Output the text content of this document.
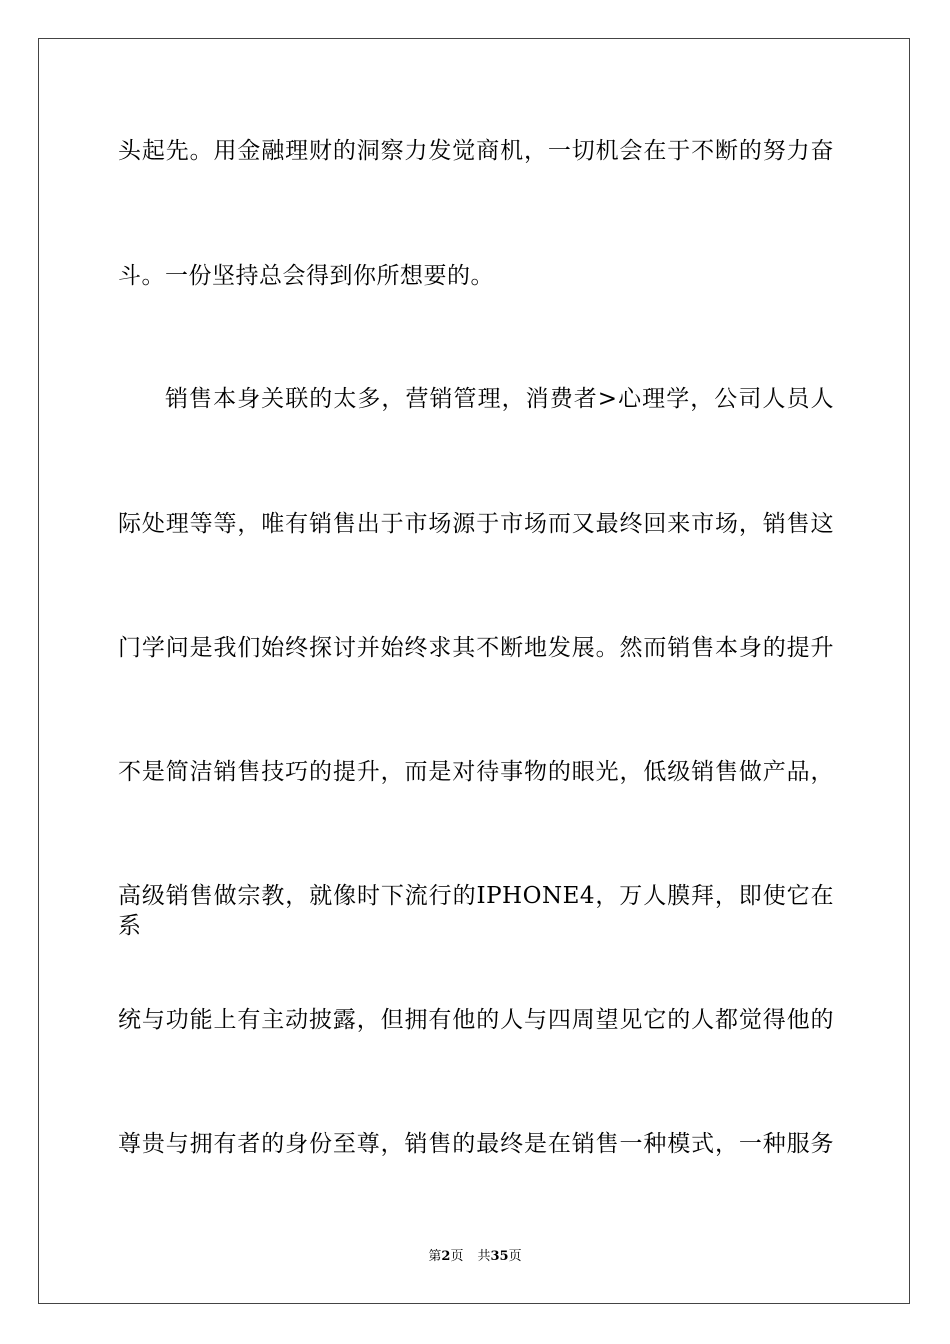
头起先。用金融理财的洞察力发觉商机，一切机会在于不断的努力奋
斗。一份坚持总会得到你所想要的。
销售本身关联的太多，营销管理，消费者>心理学，公司人员人
际处理等等，唯有销售出于市场源于市场而又最终回来市场，销售这
门学问是我们始终探讨并始终求其不断地发展。然而销售本身的提升
不是简洁销售技巧的提升，而是对待事物的眼光，低级销售做产品，
高级销售做宗教，就像时下流行的IPHONE4，万人膜拜，即使它在系
统与功能上有主动披露，但拥有他的人与四周望见它的人都觉得他的
尊贵与拥有者的身份至尊，销售的最终是在销售一种模式，一种服务
第2页 共35页
